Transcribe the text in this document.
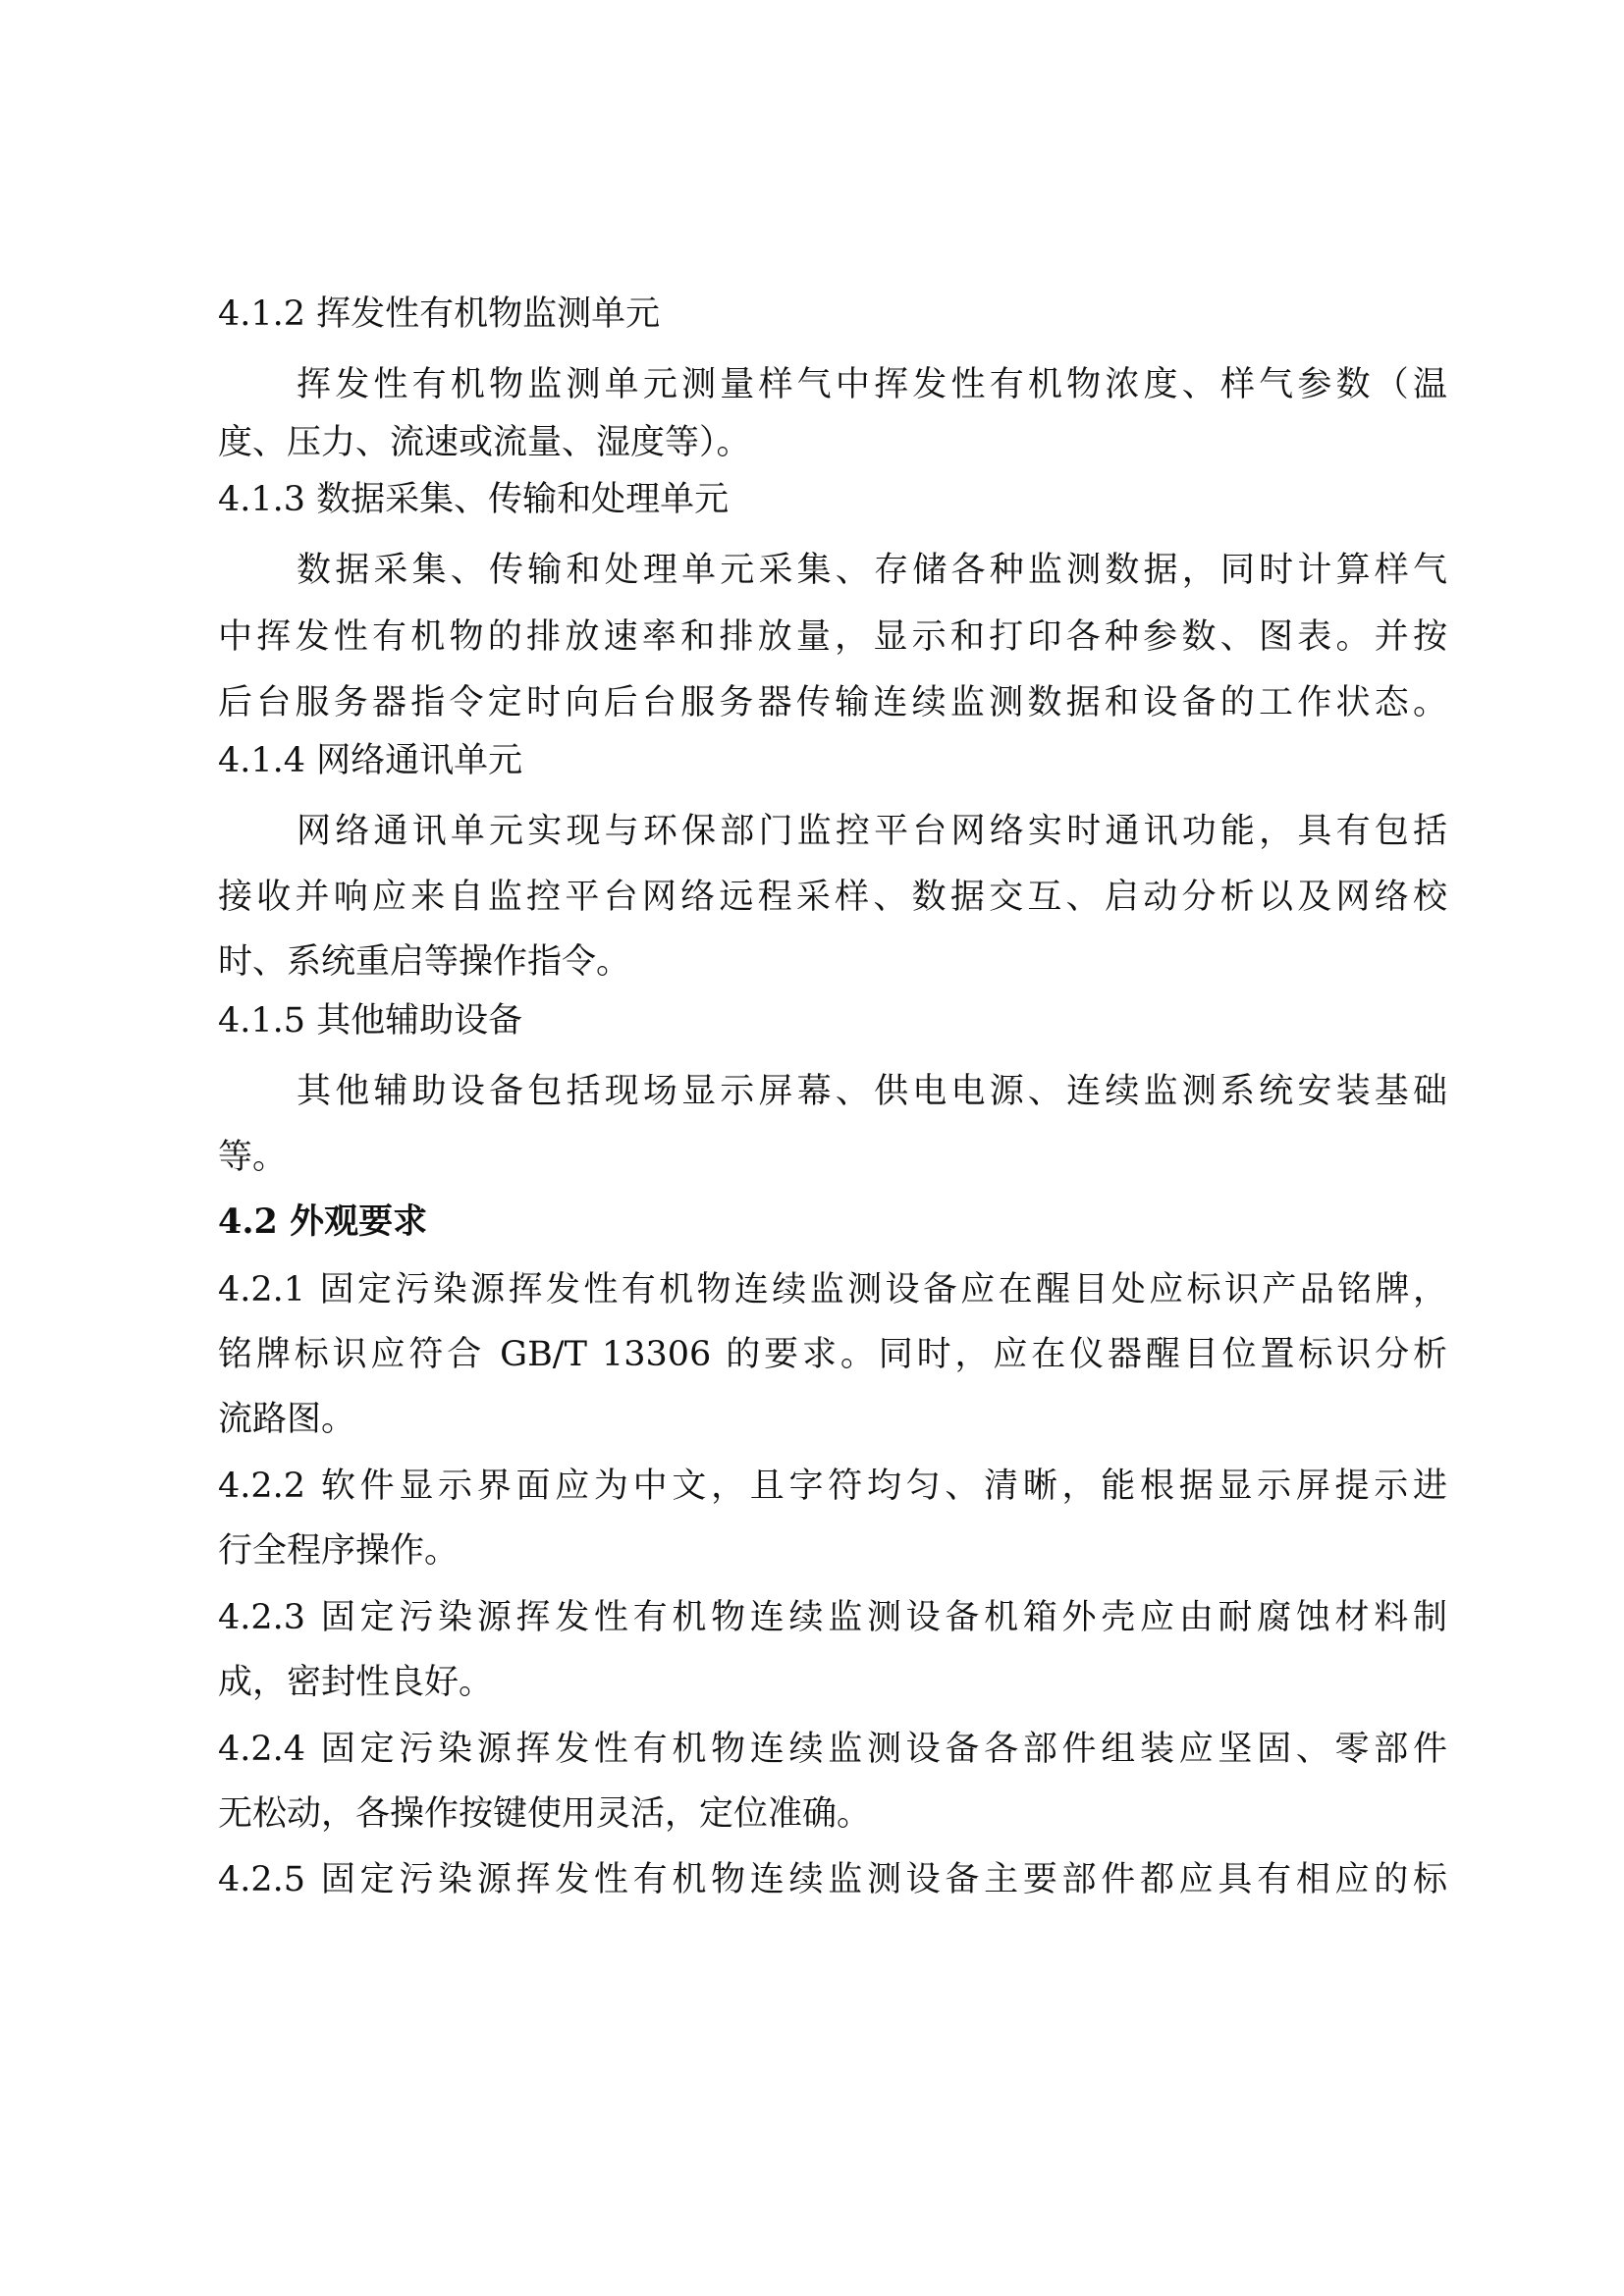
4.1.2 挥发性有机物监测单元
挥发性有机物监测单元测量样气中挥发性有机物浓度、样气参数（温
度、压力、流速或流量、湿度等）。
4.1.3 数据采集、传输和处理单元
数据采集、传输和处理单元采集、存储各种监测数据，同时计算样气
中挥发性有机物的排放速率和排放量，显示和打印各种参数、图表。并按
后台服务器指令定时向后台服务器传输连续监测数据和设备的工作状态。
4.1.4 网络通讯单元
网络通讯单元实现与环保部门监控平台网络实时通讯功能，具有包括
接收并响应来自监控平台网络远程采样、数据交互、启动分析以及网络校
时、系统重启等操作指令。
4.1.5 其他辅助设备
其他辅助设备包括现场显示屏幕、供电电源、连续监测系统安装基础
等。
4.2 外观要求
4.2.1 固定污染源挥发性有机物连续监测设备应在醒目处应标识产品铭牌，
铭牌标识应符合 GB/T 13306 的要求。同时，应在仪器醒目位置标识分析
流路图。
4.2.2 软件显示界面应为中文，且字符均匀、清晰，能根据显示屏提示进
行全程序操作。
4.2.3 固定污染源挥发性有机物连续监测设备机箱外壳应由耐腐蚀材料制
成，密封性良好。
4.2.4 固定污染源挥发性有机物连续监测设备各部件组装应坚固、零部件
无松动，各操作按键使用灵活，定位准确。
4.2.5 固定污染源挥发性有机物连续监测设备主要部件都应具有相应的标
